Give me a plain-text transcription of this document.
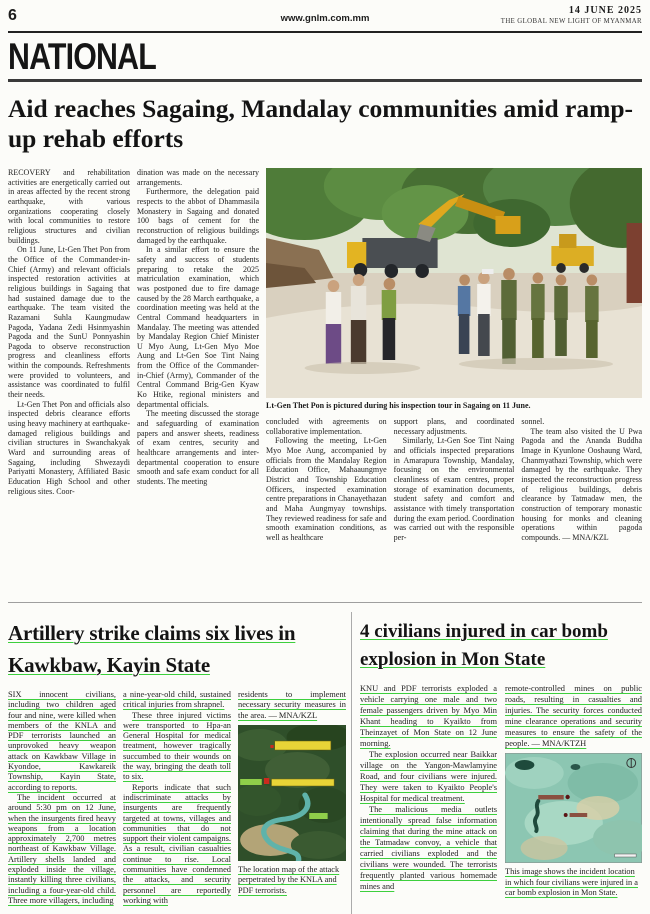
6	www.gnlm.com.mm
14 JUNE 2025
THE GLOBAL NEW LIGHT OF MYANMAR
NATIONAL
Aid reaches Sagaing, Mandalay communities amid ramp-up rehab efforts

RECOVERY and rehabilitation activities are energetically carried out in areas affected by the recent strong earthquake, with various organizations cooperating closely with local communities to restore religious structures and civilian buildings.

On 11 June, Lt-Gen Thet Pon from the Office of the Commander-in-Chief (Army) and relevant officials inspected restoration activities at religious buildings in Sagaing that had sustained damage due to the earthquake. The team visited the Razamani Suhla Kaungmudaw Pagoda, Yadana Zedi Hsinmyashin Pagoda and the SunU Ponnyashin Pagoda to observe reconstruction progress and cleanliness efforts within the compounds. Refreshments were provided to volunteers, and assistance was coordinated to fulfil their needs.

Lt-Gen Thet Pon and officials also inspected debris clearance efforts using heavy machinery at earthquake-damaged religious buildings and civilian structures in Swanchakyak Ward and surrounding areas of Sagaing, including Shwezaydi Pariyatti Monastery, Affiliated Basic Education High School and other religious sites. Coor-

dination was made on the necessary arrangements.

Furthermore, the delegation paid respects to the abbot of Dhammasila Monastery in Sagaing and donated 100 bags of cement for the reconstruction of religious buildings damaged by the earthquake.

In a similar effort to ensure the safety and success of students preparing to retake the 2025 matriculation examination, which was postponed due to fire damage caused by the 28 March earthquake, a coordination meeting was held at the Central Command headquarters in Mandalay. The meeting was attended by Mandalay Region Chief Minister U Myo Aung, Lt-Gen Myo Moe Aung and Lt-Gen Soe Tint Naing from the Office of the Commander-in-Chief (Army), Commander of the Central Command Brig-Gen Kyaw Ko Htike, regional ministers and departmental officials.

The meeting discussed the storage and safeguarding of examination papers and answer sheets, readiness of exam centres, security and healthcare arrangements and inter-departmental cooperation to ensure smooth and safe exam conduct for all students. The meeting

Lt-Gen Thet Pon is pictured during his inspection tour in Sagaing on 11 June.

concluded with agreements on collaborative implementation.

Following the meeting, Lt-Gen Myo Moe Aung, accompanied by officials from the Mandalay Region Education Office, Mahaaungmye District and Township Education Officers, inspected examination centre preparations in Chanayethazan and Maha Aungmyay townships. They reviewed readiness for safe and smooth examination conditions, as well as healthcare

support plans, and coordinated necessary adjustments.

Similarly, Lt-Gen Soe Tint Naing and officials inspected preparations in Amarapura Township, Mandalay, focusing on the environmental cleanliness of exam centres, proper storage of examination documents, student safety and comfort and assistance with timely transportation during the exam period. Coordination was carried out with the responsible per-

sonnel.

The team also visited the U Pwa Pagoda and the Ananda Buddha Image in Kyunlone Ooshaung Ward, Chanmyathazi Township, which were damaged by the earthquake. They inspected the reconstruction progress of religious buildings, debris clearance by Tatmadaw men, the construction of temporary monastic housing for monks and cleaning operations within pagoda compounds. — MNA/KZL

Artillery strike claims six lives in Kawkbaw, Kayin State

SIX innocent civilians, including two children aged four and nine, were killed when members of the KNLA and PDF terrorists launched an unprovoked heavy weapon attack on Kawkbaw Village in Kyondoe, Kawkareik Township, Kayin State, according to reports.

The incident occurred at around 5:30 pm on 12 June, when the insurgents fired heavy weapons from a location approximately 2,700 metres northeast of Kawkbaw Village. Artillery shells landed and exploded inside the village, instantly killing three civilians, including a four-year-old child. Three more villagers, including

a nine-year-old child, sustained critical injuries from shrapnel.

These three injured victims were transported to Hpa-an General Hospital for medical treatment, however tragically succumbed to their wounds on the way, bringing the death toll to six.

Reports indicate that such indiscriminate attacks by insurgents are frequently targeted at towns, villages and communities that do not support their violent campaigns. As a result, civilian casualties continue to rise. Local communities have condemned the attacks, and security personnel are reportedly working with

residents to implement necessary security measures in the area. — MNA/KZL

The location map of the attack perpetrated by the KNLA and PDF terrorists.
4 civilians injured in car bomb explosion in Mon State

KNU and PDF terrorists exploded a vehicle carrying one male and two female passengers driven by Myo Min Khant heading to Kyaikto from Theinzayet of Mon State on 12 June morning.

The explosion occurred near Baikkar village on the Yangon-Mawlamyine Road, and four civilians were injured. They were taken to Kyaikto People's Hospital for medical treatment.

The malicious media outlets intentionally spread false information claiming that during the mine attack on the Tatmadaw convoy, a vehicle that carried civilians exploded and the civilians were wounded. The terrorists frequently planted various homemade mines and

remote-controlled mines on public roads, resulting in casualties and injuries. The security forces conducted mine clearance operations and security measures to ensure the safety of the people. — MNA/KTZH

This image shows the incident location in which four civilians were injured in a car bomb explosion in Mon State.
